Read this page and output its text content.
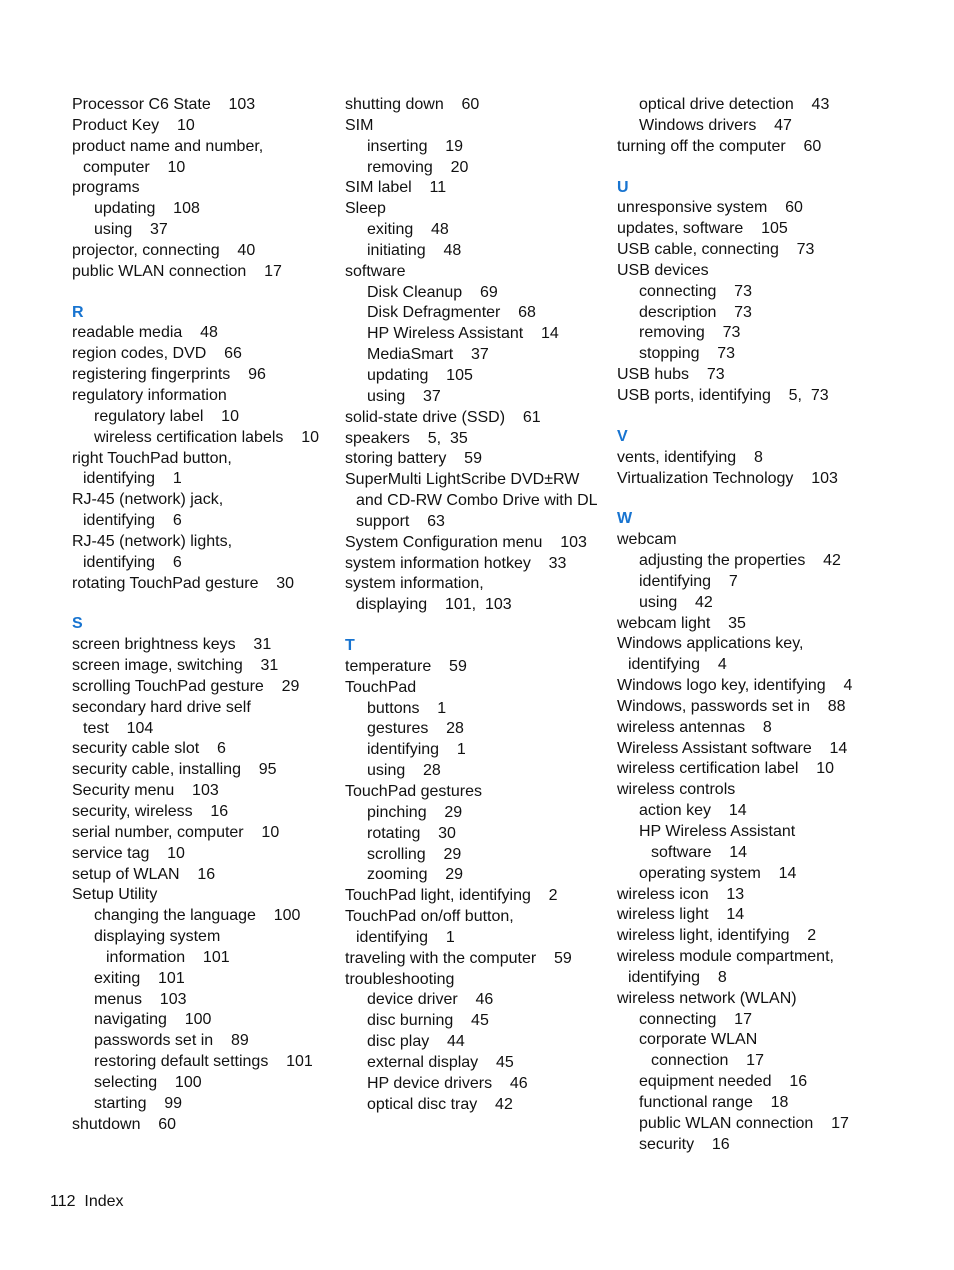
Processor C6 State    103
Product Key    10
product name and number,
computer    10
programs
updating    108
using    37
projector, connecting    40
public WLAN connection    17
R
readable media    48
region codes, DVD    66
registering fingerprints    96
regulatory information
regulatory label    10
wireless certification labels    10
right TouchPad button,
identifying    1
RJ-45 (network) jack,
identifying    6
RJ-45 (network) lights,
identifying    6
rotating TouchPad gesture    30
S
screen brightness keys    31
screen image, switching    31
scrolling TouchPad gesture    29
secondary hard drive self
test    104
security cable slot    6
security cable, installing    95
Security menu    103
security, wireless    16
serial number, computer    10
service tag    10
setup of WLAN    16
Setup Utility
changing the language    100
displaying system
information    101
exiting    101
menus    103
navigating    100
passwords set in    89
restoring default settings    101
selecting    100
starting    99
shutdown    60
shutting down    60
SIM
inserting    19
removing    20
SIM label    11
Sleep
exiting    48
initiating    48
software
Disk Cleanup    69
Disk Defragmenter    68
HP Wireless Assistant    14
MediaSmart    37
updating    105
using    37
solid-state drive (SSD)    61
speakers    5,  35
storing battery    59
SuperMulti LightScribe DVD±RW
and CD-RW Combo Drive with DL
support    63
System Configuration menu    103
system information hotkey    33
system information,
displaying    101,  103
T
temperature    59
TouchPad
buttons    1
gestures    28
identifying    1
using    28
TouchPad gestures
pinching    29
rotating    30
scrolling    29
zooming    29
TouchPad light, identifying    2
TouchPad on/off button,
identifying    1
traveling with the computer    59
troubleshooting
device driver    46
disc burning    45
disc play    44
external display    45
HP device drivers    46
optical disc tray    42
optical drive detection    43
Windows drivers    47
turning off the computer    60
U
unresponsive system    60
updates, software    105
USB cable, connecting    73
USB devices
connecting    73
description    73
removing    73
stopping    73
USB hubs    73
USB ports, identifying    5,  73
V
vents, identifying    8
Virtualization Technology    103
W
webcam
adjusting the properties    42
identifying    7
using    42
webcam light    35
Windows applications key,
identifying    4
Windows logo key, identifying    4
Windows, passwords set in    88
wireless antennas    8
Wireless Assistant software    14
wireless certification label    10
wireless controls
action key    14
HP Wireless Assistant
software    14
operating system    14
wireless icon    13
wireless light    14
wireless light, identifying    2
wireless module compartment,
identifying    8
wireless network (WLAN)
connecting    17
corporate WLAN
connection    17
equipment needed    16
functional range    18
public WLAN connection    17
security    16
112 Index
